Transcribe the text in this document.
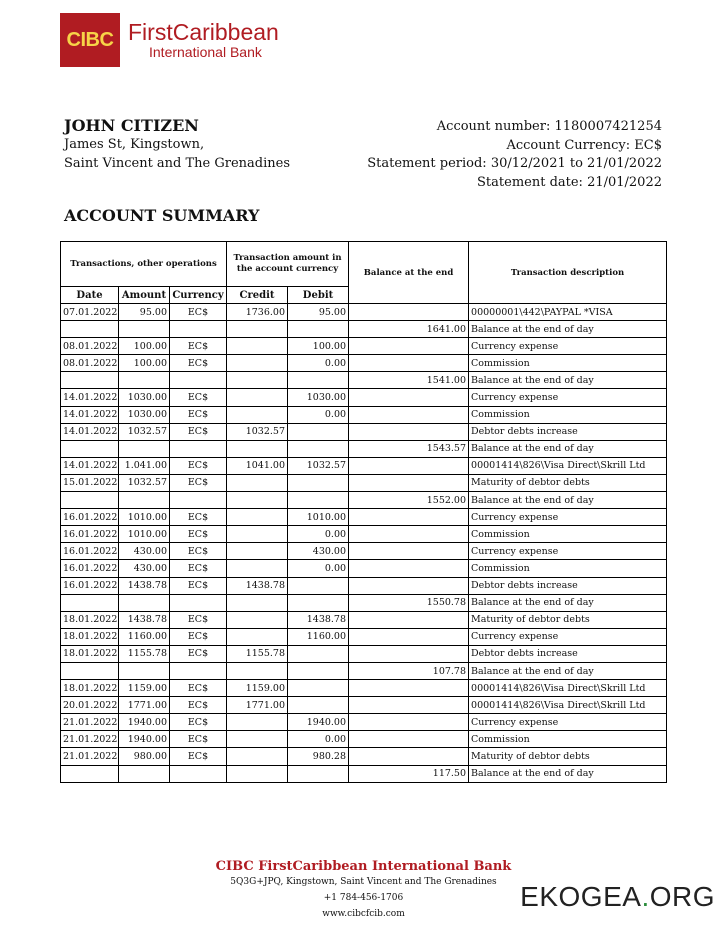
CIBC FirstCaribbean
International Bank
JOHN CITIZEN
James St, Kingstown,
Saint Vincent and The Grenadines
Account number: 1180007421254
Account Currency: EC$
Statement period: 30/12/2021 to 21/01/2022
Statement date: 21/01/2022
ACCOUNT SUMMARY
Transactions, other operations			Transaction amount in the account currency		Balance at the end	Transaction description
Date	Amount	Currency	Credit	Debit		
07.01.2022	95.00	EC$	1736.00	95.00		00000001\442\PAYPAL *VISA
					1641.00	Balance at the end of day
08.01.2022	100.00	EC$		100.00		Currency expense
08.01.2022	100.00	EC$		0.00		Commission
					1541.00	Balance at the end of day
14.01.2022	1030.00	EC$		1030.00		Currency expense
14.01.2022	1030.00	EC$		0.00		Commission
14.01.2022	1032.57	EC$	1032.57			Debtor debts increase
					1543.57	Balance at the end of day
14.01.2022	1.041.00	EC$	1041.00	1032.57		00001414\826\Visa Direct\Skrill Ltd
15.01.2022	1032.57	EC$				Maturity of debtor debts
					1552.00	Balance at the end of day
16.01.2022	1010.00	EC$		1010.00		Currency expense
16.01.2022	1010.00	EC$		0.00		Commission
16.01.2022	430.00	EC$		430.00		Currency expense
16.01.2022	430.00	EC$		0.00		Commission
16.01.2022	1438.78	EC$	1438.78			Debtor debts increase
					1550.78	Balance at the end of day
18.01.2022	1438.78	EC$		1438.78		Maturity of debtor debts
18.01.2022	1160.00	EC$		1160.00		Currency expense
18.01.2022	1155.78	EC$	1155.78			Debtor debts increase
					107.78	Balance at the end of day
18.01.2022	1159.00	EC$	1159.00			00001414\826\Visa Direct\Skrill Ltd
20.01.2022	1771.00	EC$	1771.00			00001414\826\Visa Direct\Skrill Ltd
21.01.2022	1940.00	EC$		1940.00		Currency expense
21.01.2022	1940.00	EC$		0.00		Commission
21.01.2022	980.00	EC$		980.28		Maturity of debtor debts
					117.50	Balance at the end of day
CIBC FirstCaribbean International Bank
5Q3G+JPQ, Kingstown, Saint Vincent and The Grenadines
+1 784-456-1706
www.cibcfcib.com
EKOGEA.ORG
